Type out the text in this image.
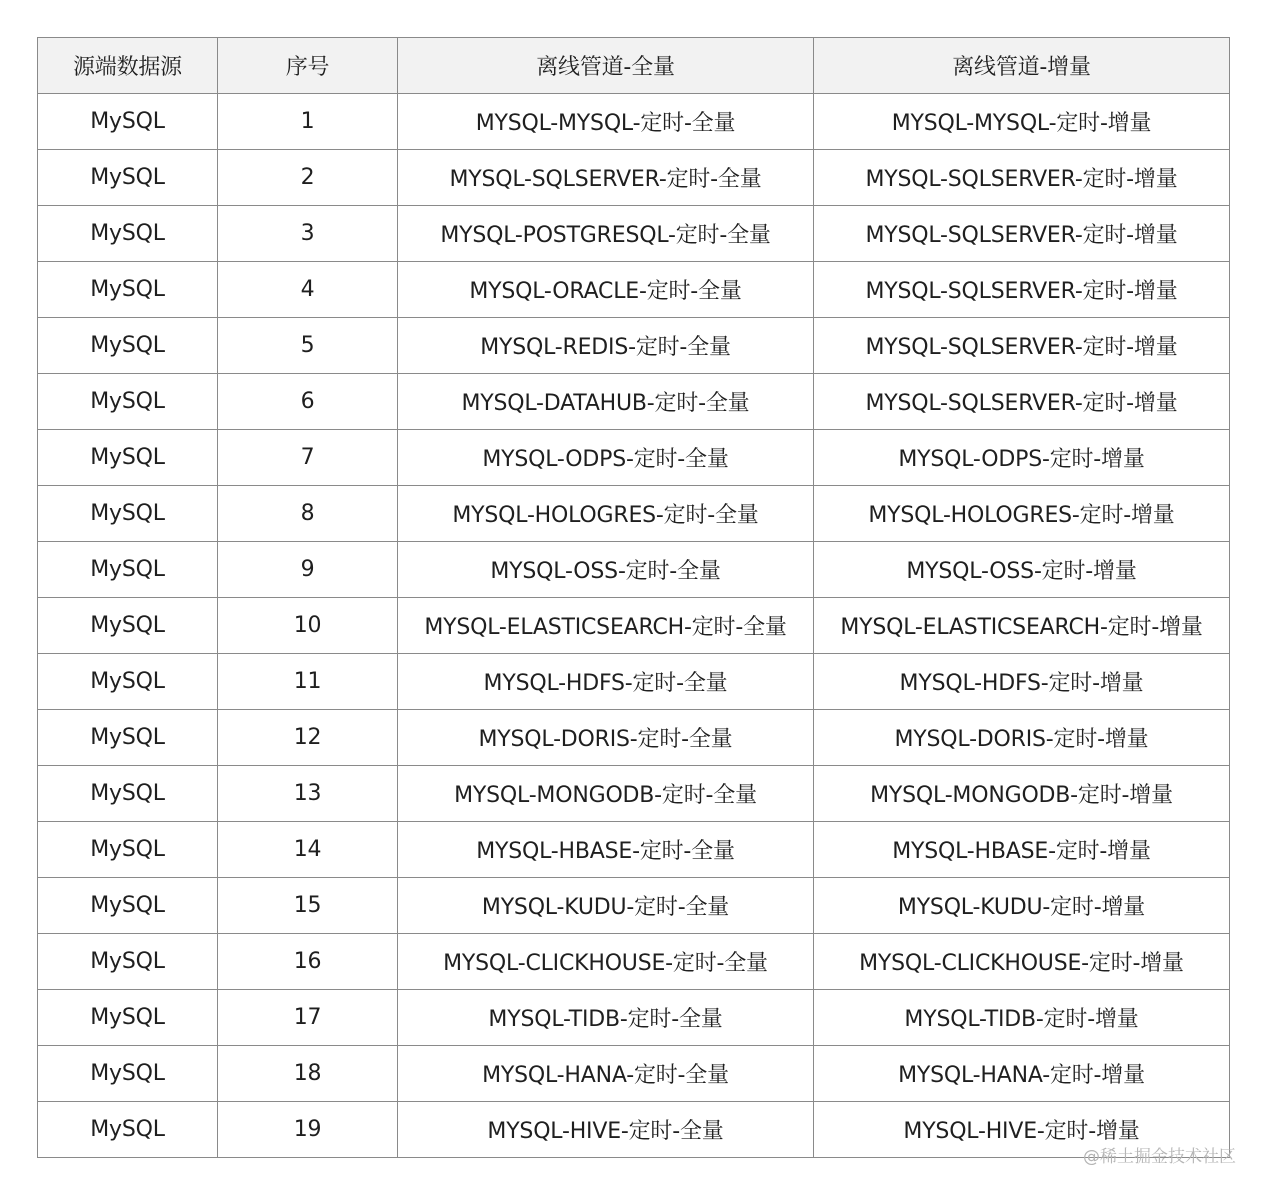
源端数据源	序号	离线管道-全量	离线管道-增量
MySQL	1	MYSQL-MYSQL-定时-全量	MYSQL-MYSQL-定时-增量
MySQL	2	MYSQL-SQLSERVER-定时-全量	MYSQL-SQLSERVER-定时-增量
MySQL	3	MYSQL-POSTGRESQL-定时-全量	MYSQL-SQLSERVER-定时-增量
MySQL	4	MYSQL-ORACLE-定时-全量	MYSQL-SQLSERVER-定时-增量
MySQL	5	MYSQL-REDIS-定时-全量	MYSQL-SQLSERVER-定时-增量
MySQL	6	MYSQL-DATAHUB-定时-全量	MYSQL-SQLSERVER-定时-增量
MySQL	7	MYSQL-ODPS-定时-全量	MYSQL-ODPS-定时-增量
MySQL	8	MYSQL-HOLOGRES-定时-全量	MYSQL-HOLOGRES-定时-增量
MySQL	9	MYSQL-OSS-定时-全量	MYSQL-OSS-定时-增量
MySQL	10	MYSQL-ELASTICSEARCH-定时-全量	MYSQL-ELASTICSEARCH-定时-增量
MySQL	11	MYSQL-HDFS-定时-全量	MYSQL-HDFS-定时-增量
MySQL	12	MYSQL-DORIS-定时-全量	MYSQL-DORIS-定时-增量
MySQL	13	MYSQL-MONGODB-定时-全量	MYSQL-MONGODB-定时-增量
MySQL	14	MYSQL-HBASE-定时-全量	MYSQL-HBASE-定时-增量
MySQL	15	MYSQL-KUDU-定时-全量	MYSQL-KUDU-定时-增量
MySQL	16	MYSQL-CLICKHOUSE-定时-全量	MYSQL-CLICKHOUSE-定时-增量
MySQL	17	MYSQL-TIDB-定时-全量	MYSQL-TIDB-定时-增量
MySQL	18	MYSQL-HANA-定时-全量	MYSQL-HANA-定时-增量
MySQL	19	MYSQL-HIVE-定时-全量	MYSQL-HIVE-定时-增量
@稀土掘金技术社区
